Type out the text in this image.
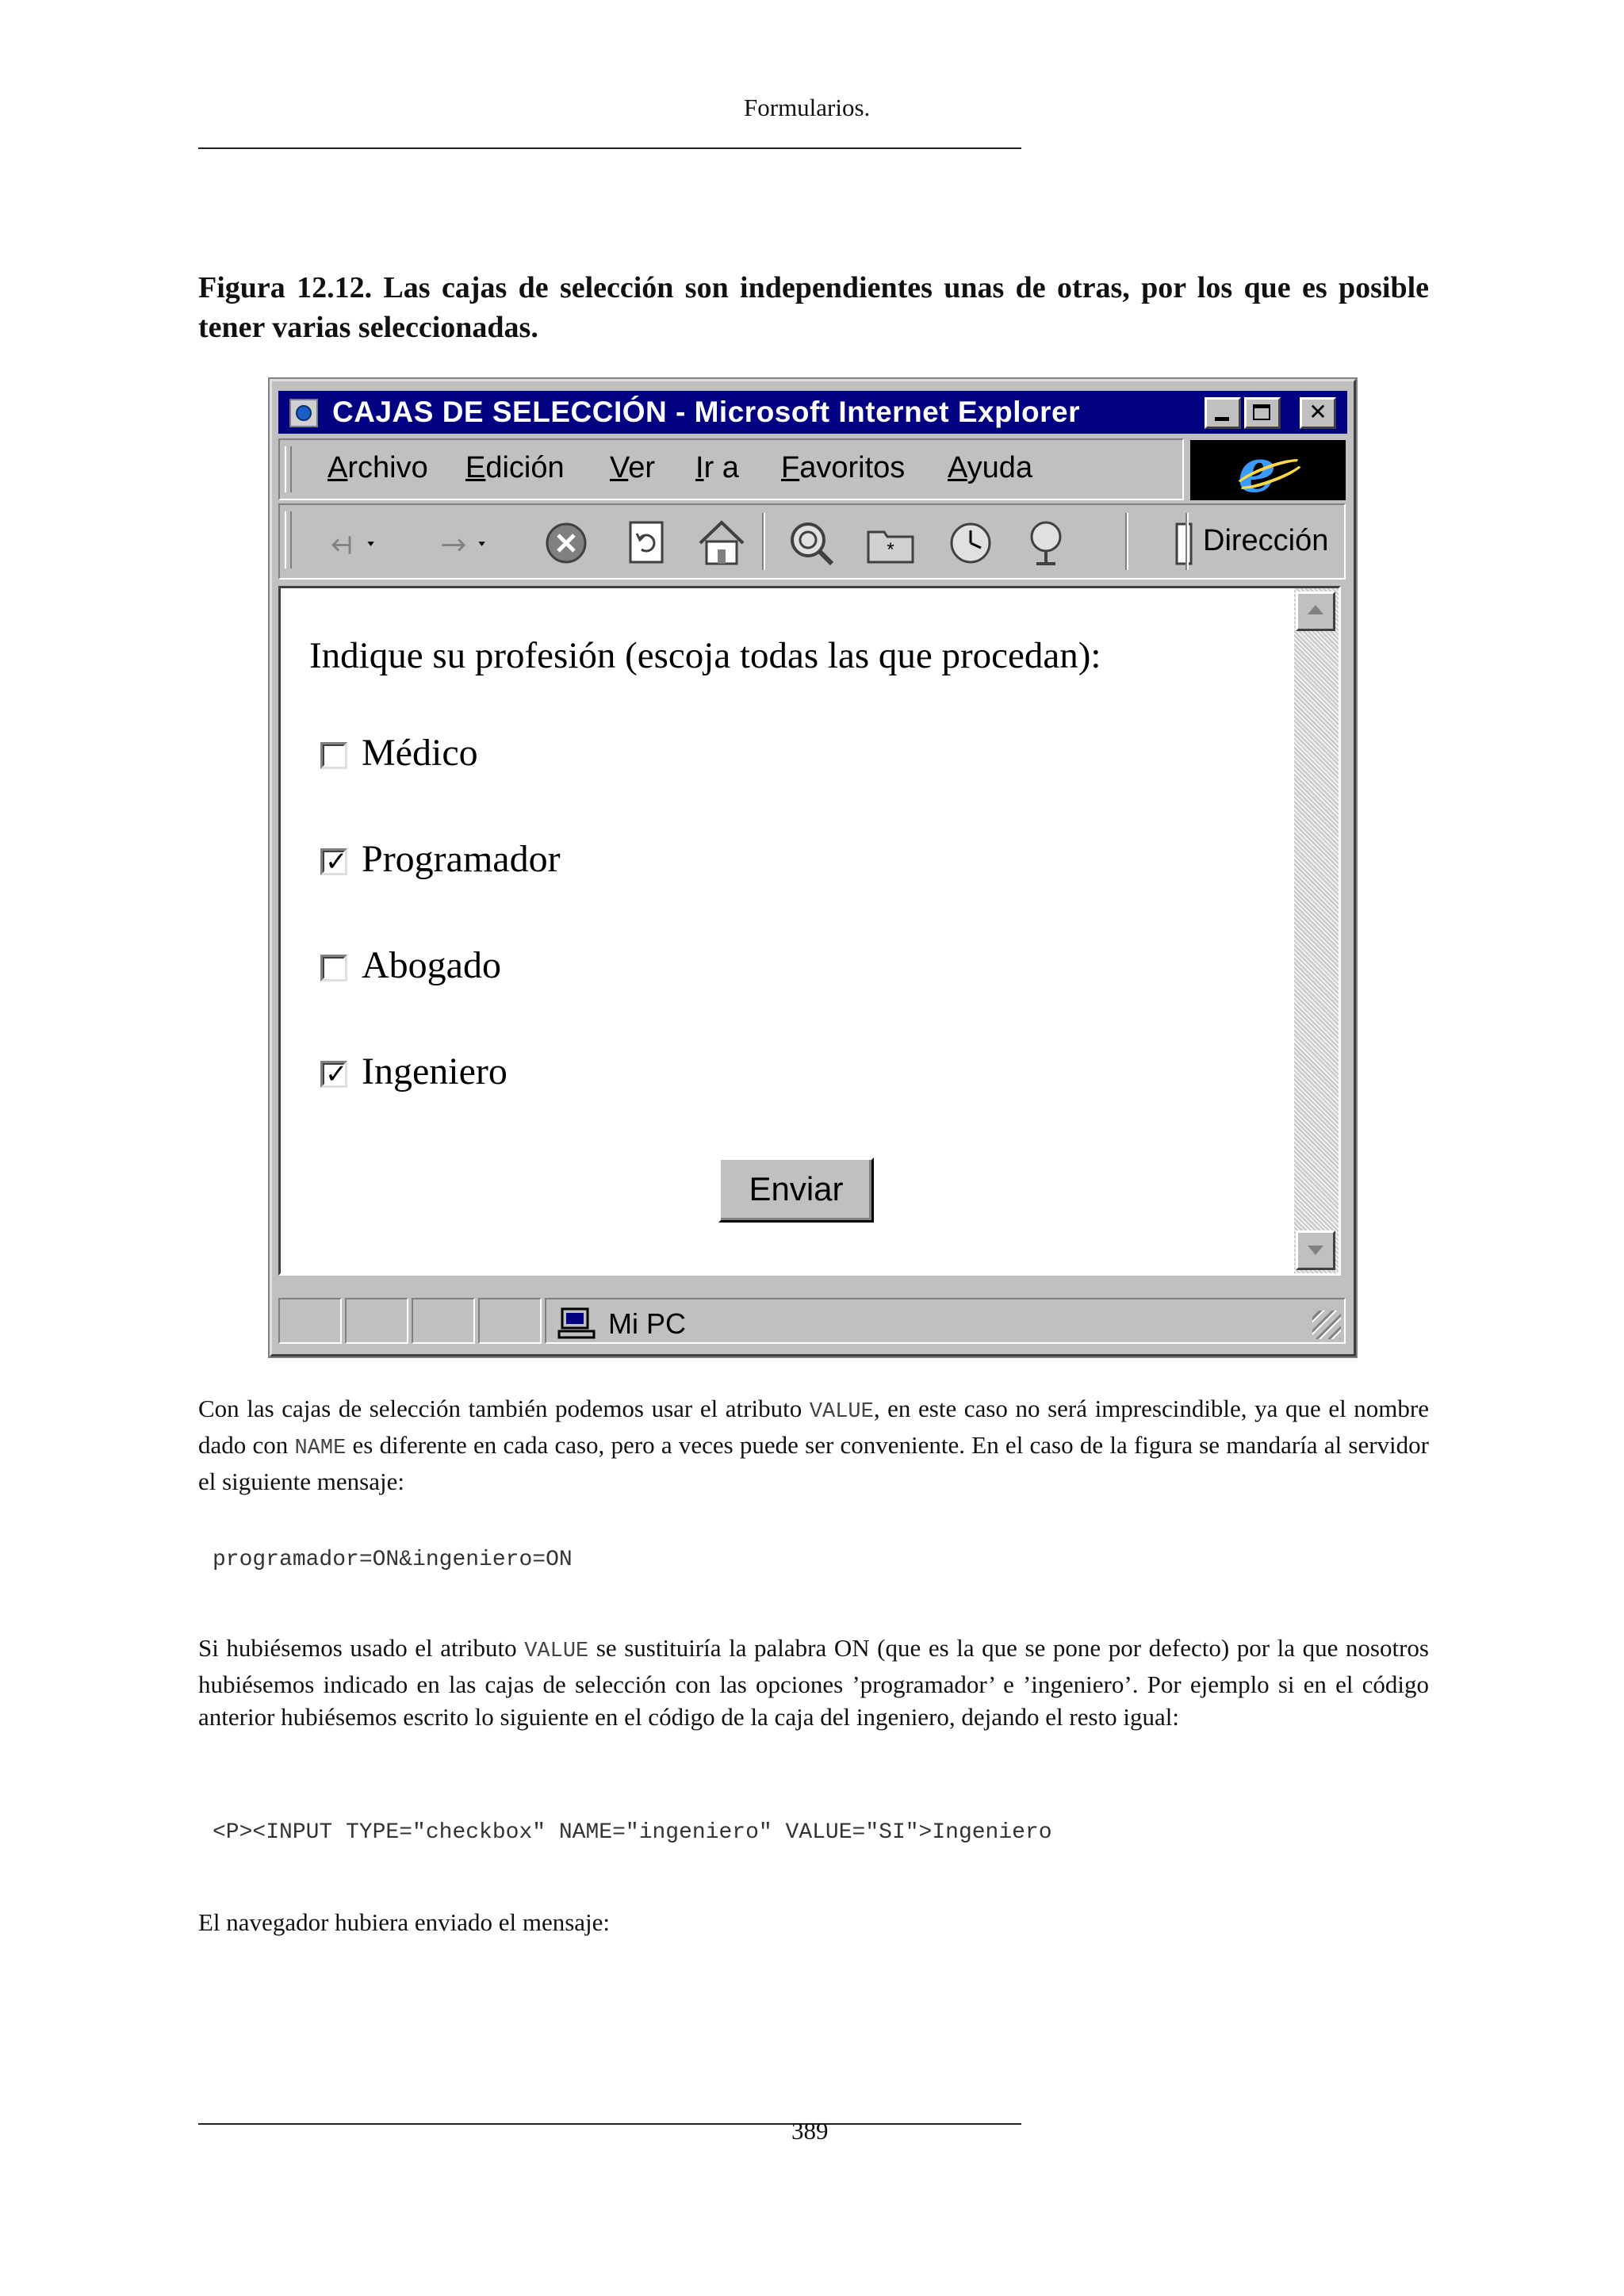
Formularios.
Figura 12.12. Las cajas de selección son independientes unas de otras, por los que es posible tener varias seleccionadas.
CAJAS DE SELECCIÓN - Microsoft Internet Explorer	✕
Archivo Edición Ver Ir a Favoritos Ayuda	e
*	Dirección
Indique su profesión (escoja todas las que procedan):
Médico
✓ Programador
Abogado
✓ Ingeniero
Enviar
Mi PC
Con las cajas de selección también podemos usar el atributo VALUE, en este caso no será imprescindible, ya que el nombre dado con NAME es diferente en cada caso, pero a veces puede ser conveniente. En el caso de la figura se mandaría al servidor el siguiente mensaje:
programador=ON&ingeniero=ON
Si hubiésemos usado el atributo VALUE se sustituiría la palabra ON (que es la que se pone por defecto) por la que nosotros hubiésemos indicado en las cajas de selección con las opciones ’programador’ e ’ingeniero’. Por ejemplo si en el código anterior hubiésemos escrito lo siguiente en el código de la caja del ingeniero, dejando el resto igual:
<P><INPUT TYPE="checkbox" NAME="ingeniero" VALUE="SI">Ingeniero
El navegador hubiera enviado el mensaje:
389
